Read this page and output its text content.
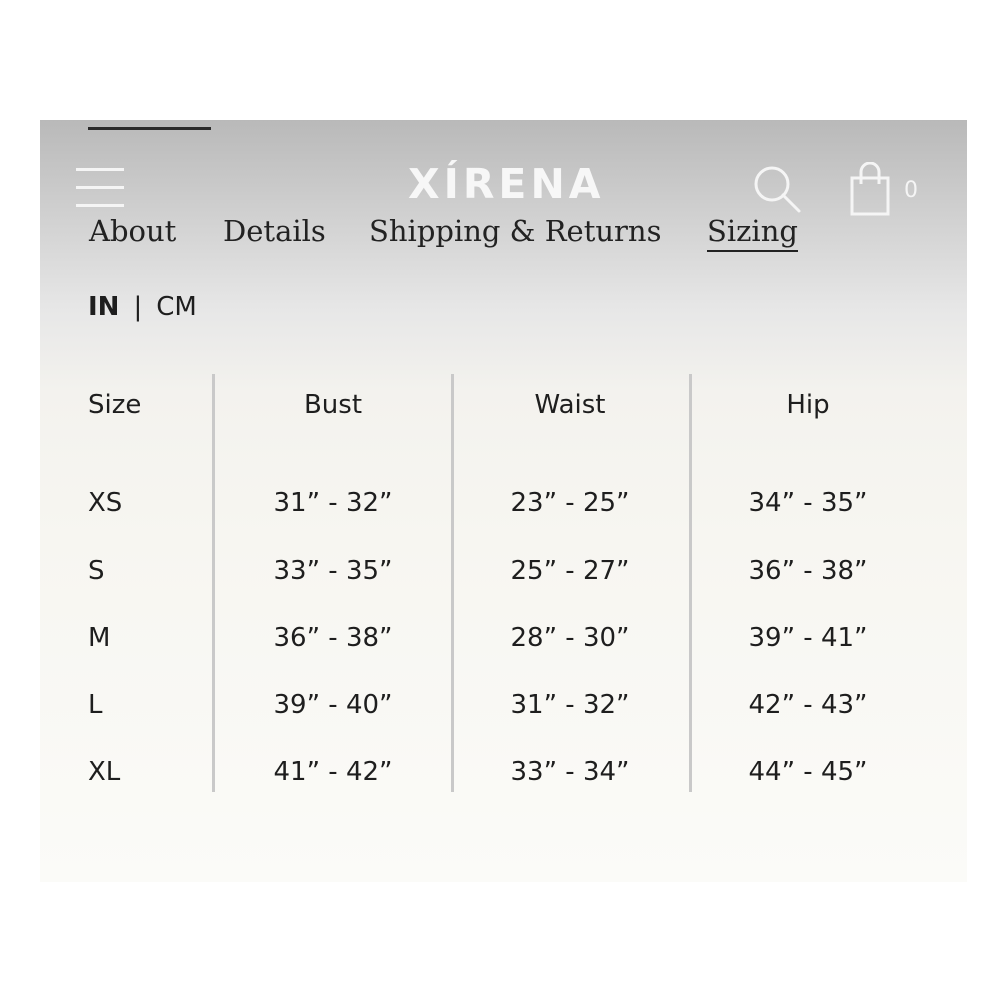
XÍRENA	0
About Details Shipping & Returns Sizing
IN | CM
Size	Bust	Waist	Hip
XS	31” - 32”	23” - 25”	34” - 35”
S	33” - 35”	25” - 27”	36” - 38”
M	36” - 38”	28” - 30”	39” - 41”
L	39” - 40”	31” - 32”	42” - 43”
XL	41” - 42”	33” - 34”	44” - 45”
